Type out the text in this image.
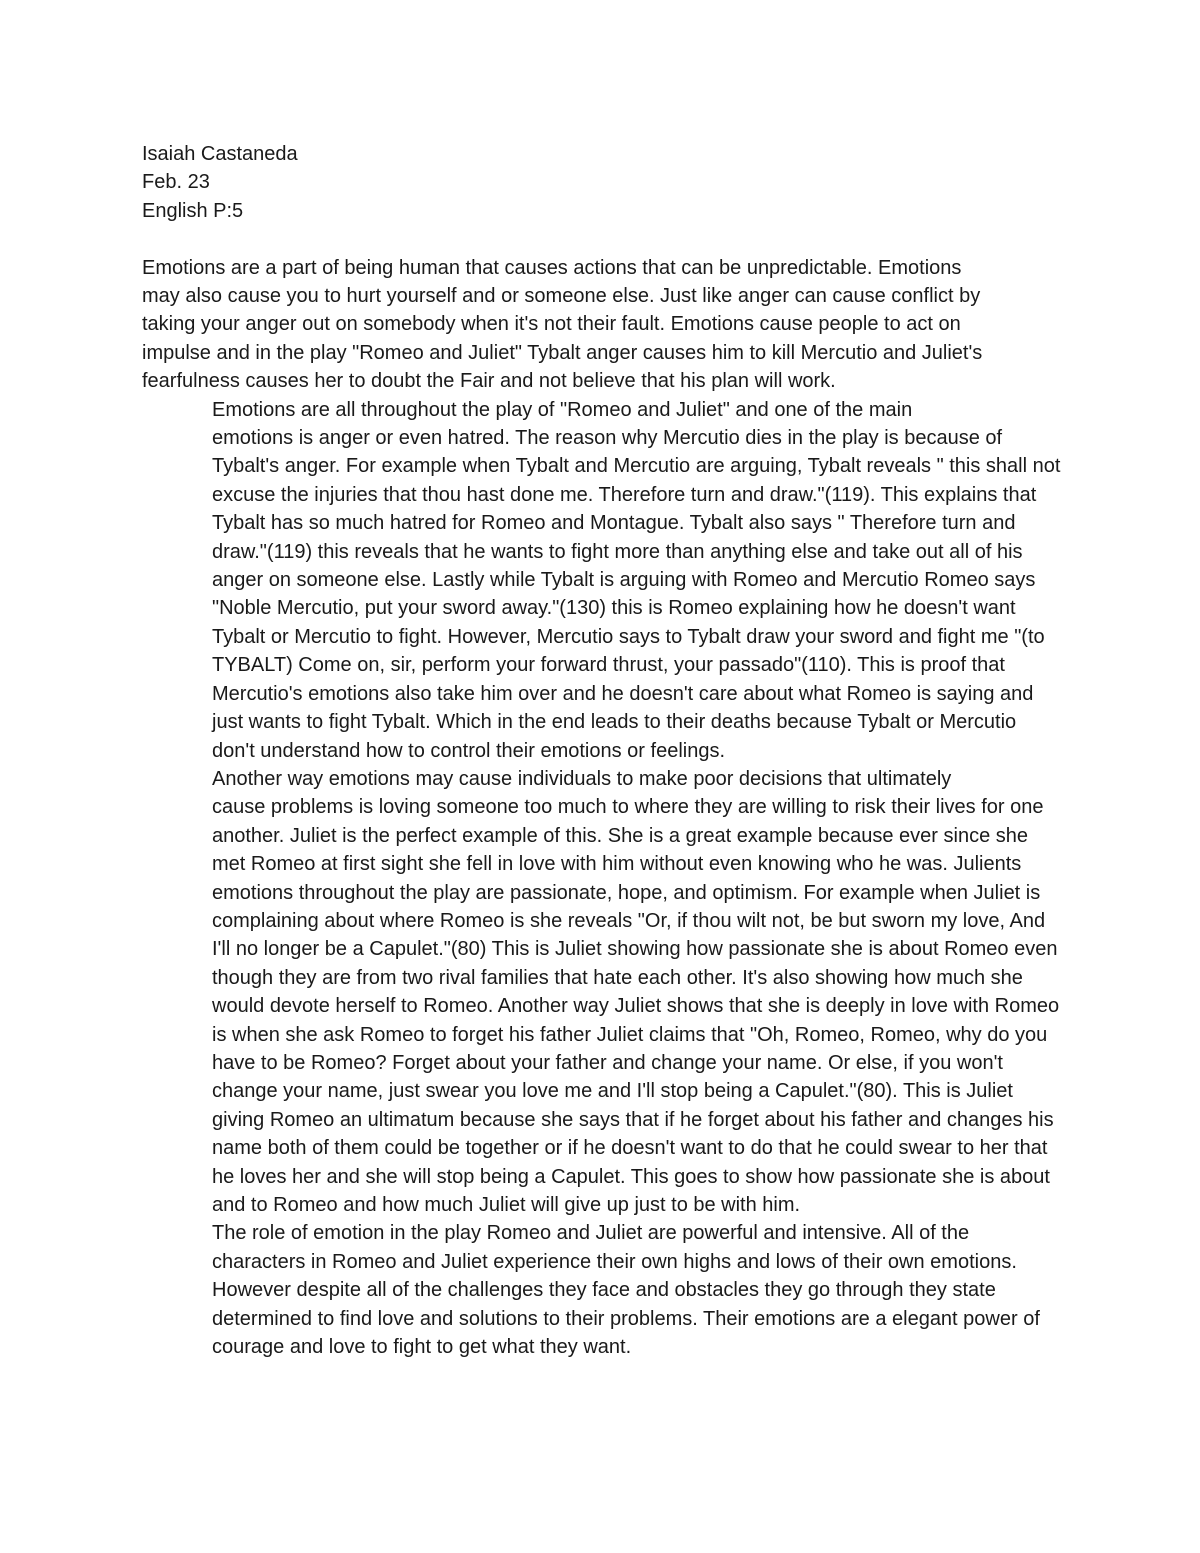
Isaiah Castaneda

Feb. 23

English P:5

Emotions are a part of being human that causes actions that can be unpredictable. Emotions
may also cause you to hurt yourself and or someone else. Just like anger can cause conflict by
taking your anger out on somebody when it's not their fault. Emotions cause people to act on
impulse and in the play "Romeo and Juliet" Tybalt anger causes him to kill Mercutio and Juliet's
fearfulness causes her to doubt the Fair and not believe that his plan will work.

Emotions are all throughout the play of "Romeo and Juliet" and one of the main
emotions is anger or even hatred. The reason why Mercutio dies in the play is because of
Tybalt's anger. For example when Tybalt and Mercutio are arguing, Tybalt reveals " this shall not
excuse the injuries that thou hast done me. Therefore turn and draw."(119). This explains that
Tybalt has so much hatred for Romeo and Montague. Tybalt also says " Therefore turn and
draw."(119) this reveals that he wants to fight more than anything else and take out all of his
anger on someone else. Lastly while Tybalt is arguing with Romeo and Mercutio Romeo says
"Noble Mercutio, put your sword away."(130) this is Romeo explaining how he doesn't want
Tybalt or Mercutio to fight. However, Mercutio says to Tybalt draw your sword and fight me "(to
TYBALT) Come on, sir, perform your forward thrust, your passado"(110). This is proof that
Mercutio's emotions also take him over and he doesn't care about what Romeo is saying and
just wants to fight Tybalt. Which in the end leads to their deaths because Tybalt or Mercutio
don't understand how to control their emotions or feelings.

Another way emotions may cause individuals to make poor decisions that ultimately
cause problems is loving someone too much to where they are willing to risk their lives for one
another. Juliet is the perfect example of this. She is a great example because ever since she
met Romeo at first sight she fell in love with him without even knowing who he was. Julients
emotions throughout the play are passionate, hope, and optimism. For example when Juliet is
complaining about where Romeo is she reveals "Or, if thou wilt not, be but sworn my love, And
I'll no longer be a Capulet."(80) This is Juliet showing how passionate she is about Romeo even
though they are from two rival families that hate each other. It's also showing how much she
would devote herself to Romeo. Another way Juliet shows that she is deeply in love with Romeo
is when she ask Romeo to forget his father Juliet claims that "Oh, Romeo, Romeo, why do you
have to be Romeo? Forget about your father and change your name. Or else, if you won't
change your name, just swear you love me and I'll stop being a Capulet."(80). This is Juliet
giving Romeo an ultimatum because she says that if he forget about his father and changes his
name both of them could be together or if he doesn't want to do that he could swear to her that
he loves her and she will stop being a Capulet. This goes to show how passionate she is about
and to Romeo and how much Juliet will give up just to be with him.

The role of emotion in the play Romeo and Juliet are powerful and intensive. All of the
characters in Romeo and Juliet experience their own highs and lows of their own emotions.
However despite all of the challenges they face and obstacles they go through they state
determined to find love and solutions to their problems. Their emotions are a elegant power of
courage and love to fight to get what they want.
